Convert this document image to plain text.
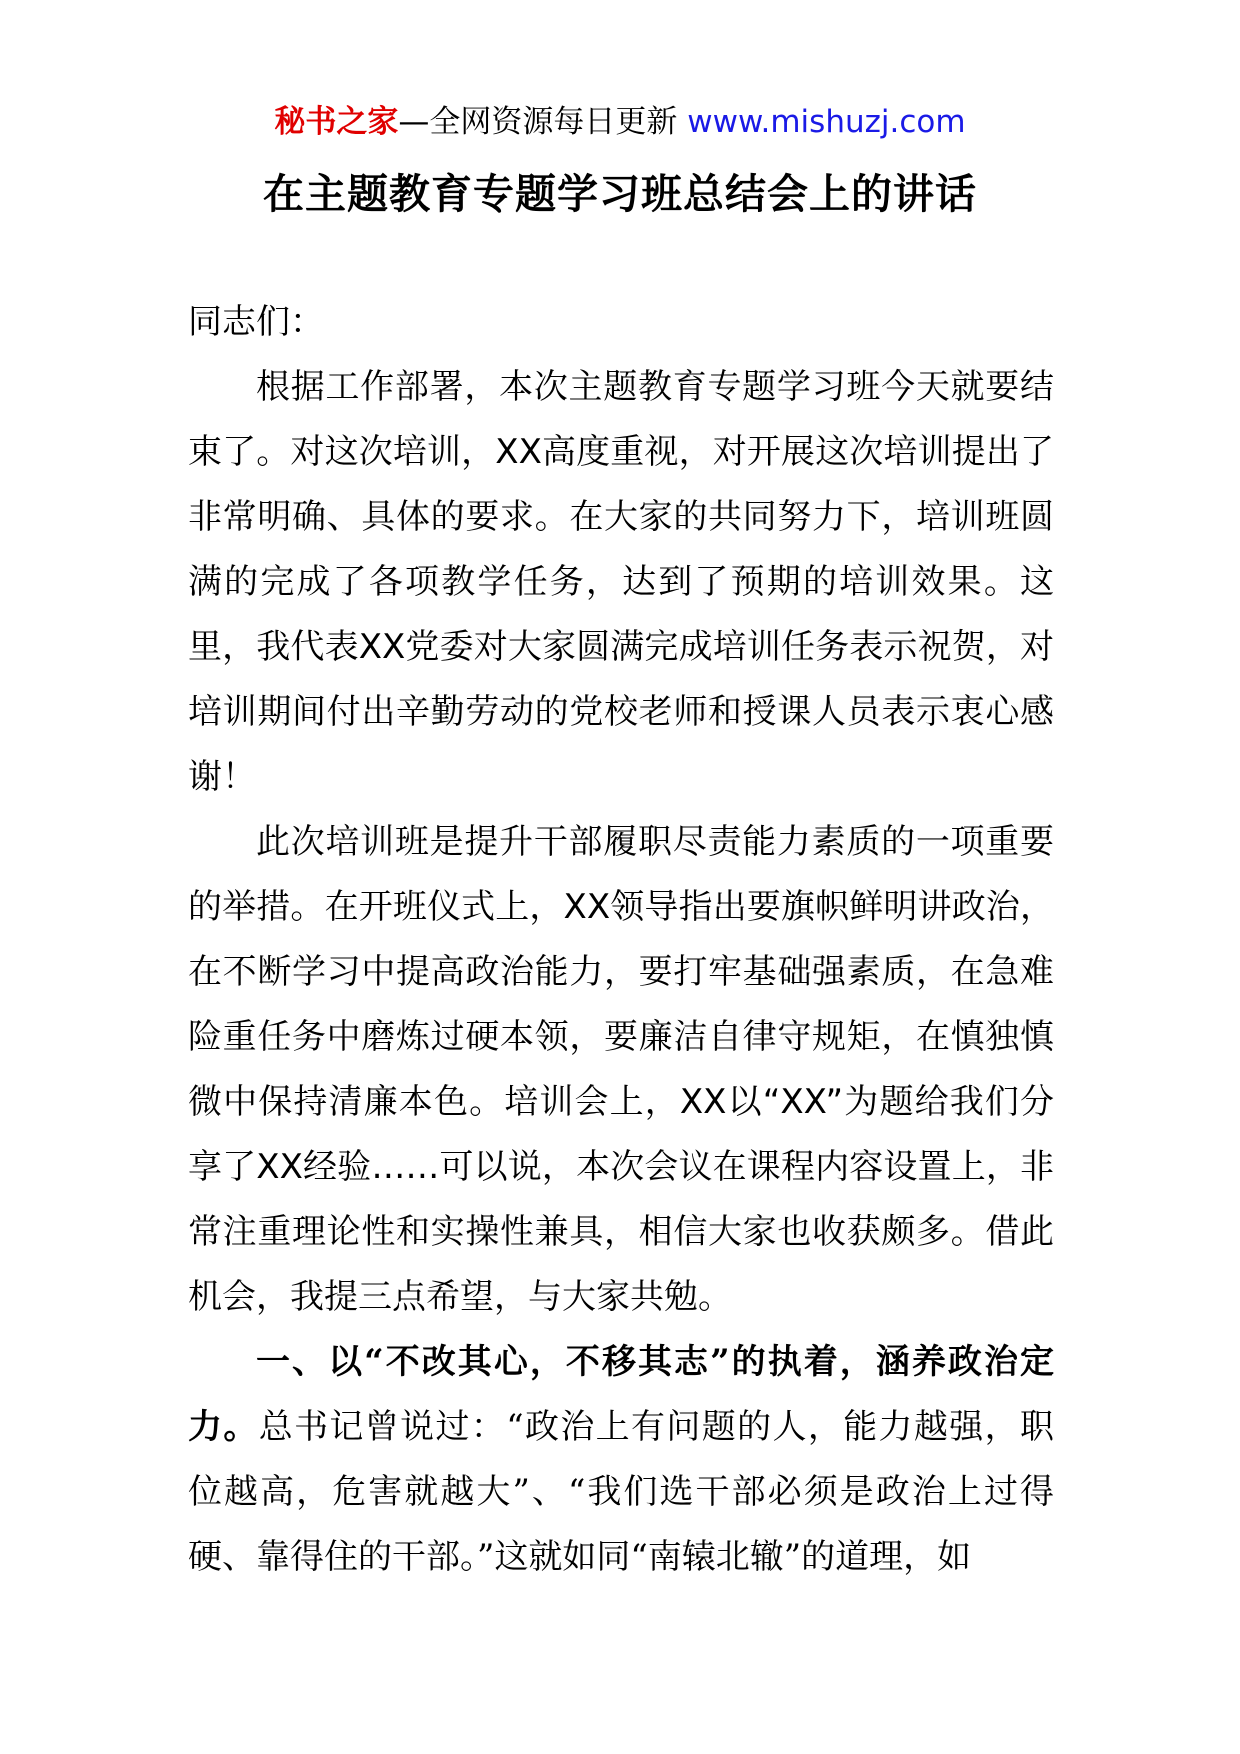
秘书之家—全网资源每日更新 www.mishuzj.com
在主题教育专题学习班总结会上的讲话

同志们：

根据工作部署，本次主题教育专题学习班今天就要结束了。对这次培训，XX高度重视，对开展这次培训提出了非常明确、具体的要求。在大家的共同努力下，培训班圆满的完成了各项教学任务，达到了预期的培训效果。这里，我代表XX党委对大家圆满完成培训任务表示祝贺，对培训期间付出辛勤劳动的党校老师和授课人员表示衷心感谢！

此次培训班是提升干部履职尽责能力素质的一项重要的举措。在开班仪式上，XX领导指出要旗帜鲜明讲政治，在不断学习中提高政治能力，要打牢基础强素质，在急难险重任务中磨炼过硬本领，要廉洁自律守规矩，在慎独慎微中保持清廉本色。培训会上，XX以“XX”为题给我们分享了XX经验……可以说，本次会议在课程内容设置上，非常注重理论性和实操性兼具，相信大家也收获颇多。借此机会，我提三点希望，与大家共勉。

一、以“不改其心，不移其志”的执着，涵养政治定力。总书记曾说过：“政治上有问题的人，能力越强，职位越高，危害就越大”、“我们选干部必须是政治上过得硬、靠得住的干部。”这就如同“南辕北辙”的道理，如
